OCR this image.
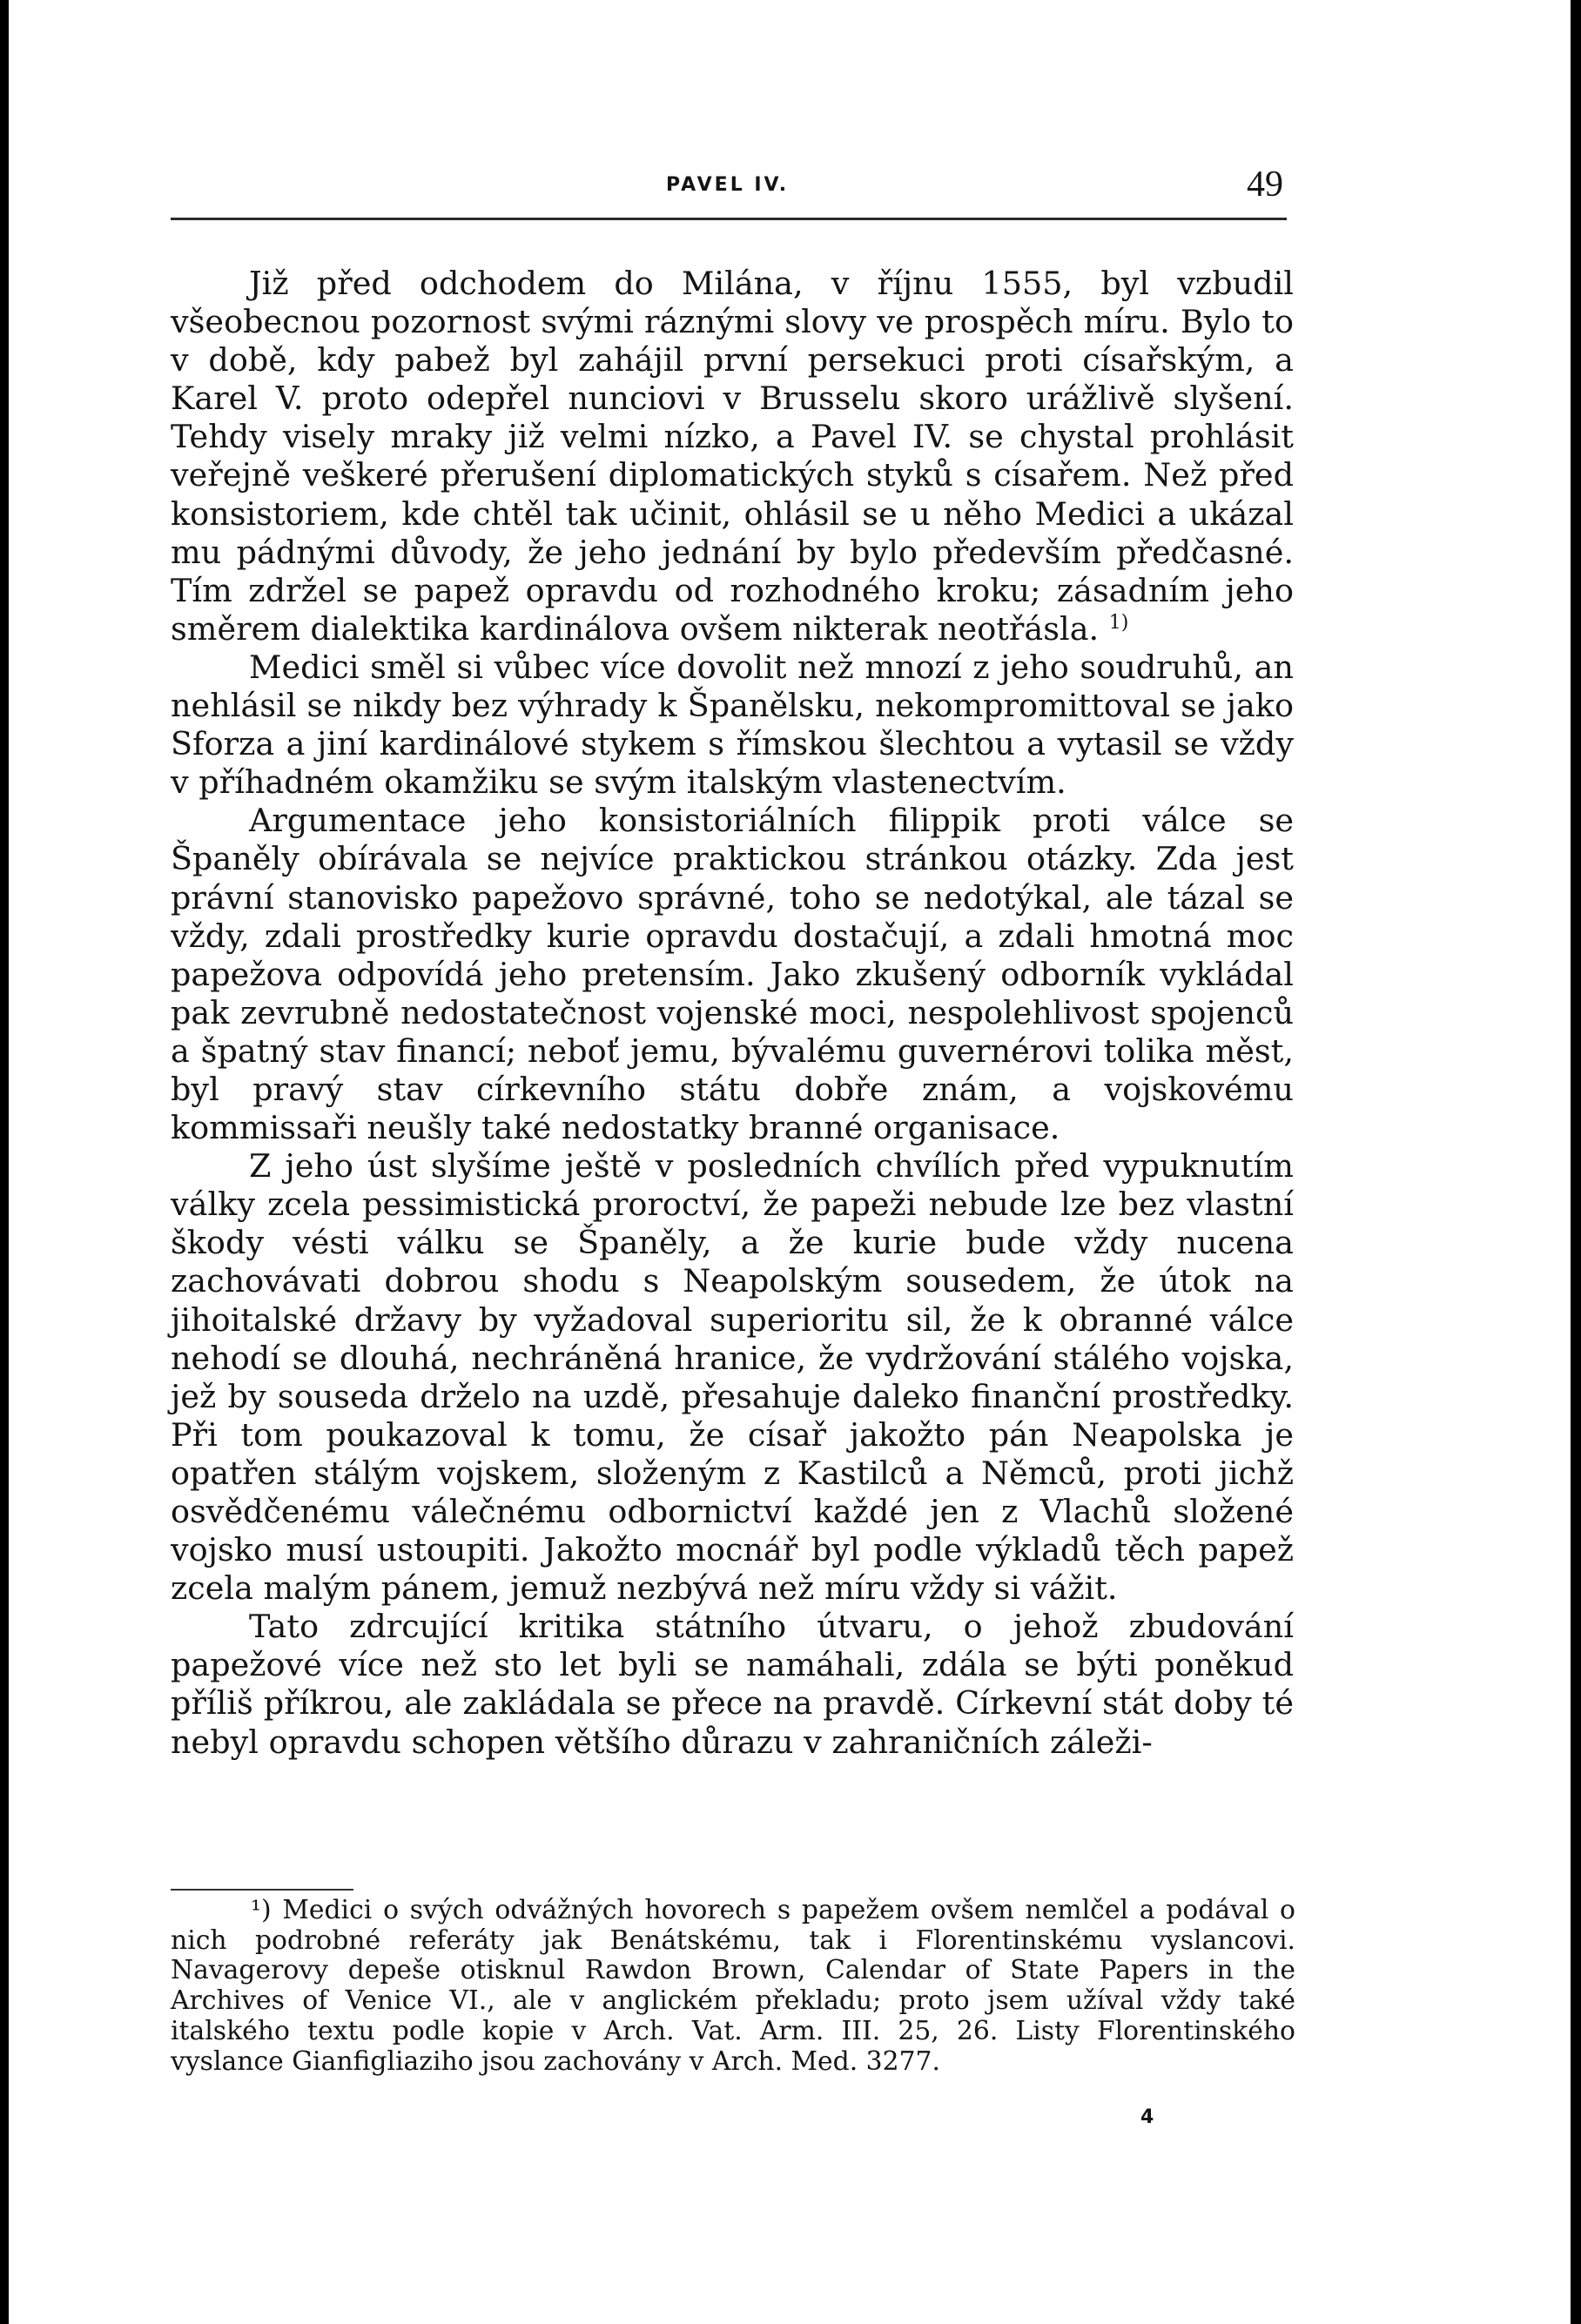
PAVEL IV.	49

Již před odchodem do Milána, v říjnu 1555, byl vzbudil všeobecnou pozornost svými ráznými slovy ve prospěch míru. Bylo to v době, kdy pabež byl zahájil první persekuci proti císařským, a Karel V. proto odepřel nunciovi v Brusselu skoro urážlivě slyšení. Tehdy visely mraky již velmi nízko, a Pavel IV. se chystal prohlásit veřejně veškeré přerušení diplomatických styků s císařem. Než před konsistoriem, kde chtěl tak učinit, ohlásil se u něho Medici a ukázal mu pádnými důvody, že jeho jednání by bylo především předčasné. Tím zdržel se papež opravdu od rozhodného kroku; zásadním jeho směrem dialektika kardinálova ovšem nikterak neotřásla. $^{1)}$

Medici směl si vůbec více dovolit než mnozí z jeho soudruhů, an nehlásil se nikdy bez výhrady k Španělsku, nekompromittoval se jako Sforza a jiní kardinálové stykem s římskou šlechtou a vytasil se vždy v příhadném okamžiku se svým italským vlastenectvím.

Argumentace jeho konsistoriálních filippik proti válce se Španěly obírávala se nejvíce praktickou stránkou otázky. Zda jest právní stanovisko papežovo správné, toho se nedotýkal, ale tázal se vždy, zdali prostředky kurie opravdu dostačují, a zdali hmotná moc papežova odpovídá jeho pretensím. Jako zkušený odborník vykládal pak zevrubně nedostatečnost vojenské moci, nespolehlivost spojenců a špatný stav financí; neboť jemu, bývalému guvernérovi tolika měst, byl pravý stav církevního státu dobře znám, a vojskovému kommissaři neušly také nedostatky branné organisace.

Z jeho úst slyšíme ještě v posledních chvílích před vypuknutím války zcela pessimistická proroctví, že papeži nebude lze bez vlastní škody vésti válku se Španěly, a že kurie bude vždy nucena zachovávati dobrou shodu s Neapolským sousedem, že útok na jihoitalské državy by vyžadoval superioritu sil, že k obranné válce nehodí se dlouhá, nechráněná hranice, že vydržování stálého vojska, jež by souseda drželo na uzdě, přesahuje daleko finanční prostředky. Při tom poukazoval k tomu, že císař jakožto pán Neapolska je opatřen stálým vojskem, složeným z Kastilců a Němců, proti jichž osvědčenému válečnému odbornictví každé jen z Vlachů složené vojsko musí ustoupiti. Jakožto mocnář byl podle výkladů těch papež zcela malým pánem, jemuž nezbývá než míru vždy si vážit.

Tato zdrcující kritika státního útvaru, o jehož zbudování papežové více než sto let byli se namáhali, zdála se býti poněkud příliš příkrou, ale zakládala se přece na pravdě. Církevní stát doby té nebyl opravdu schopen většího důrazu v zahraničních záleži-

¹) Medici o svých odvážných hovorech s papežem ovšem nemlčel a podával o nich podrobné referáty jak Benátskému, tak i Florentinskému vyslancovi. Navagerovy depeše otisknul Rawdon Brown, Calendar of State Papers in the Archives of Venice VI., ale v anglickém překladu; proto jsem užíval vždy také italského textu podle kopie v Arch. Vat. Arm. III. 25, 26. Listy Florentinského vyslance Gianfigliaziho jsou zachovány v Arch. Med. 3277.

4
